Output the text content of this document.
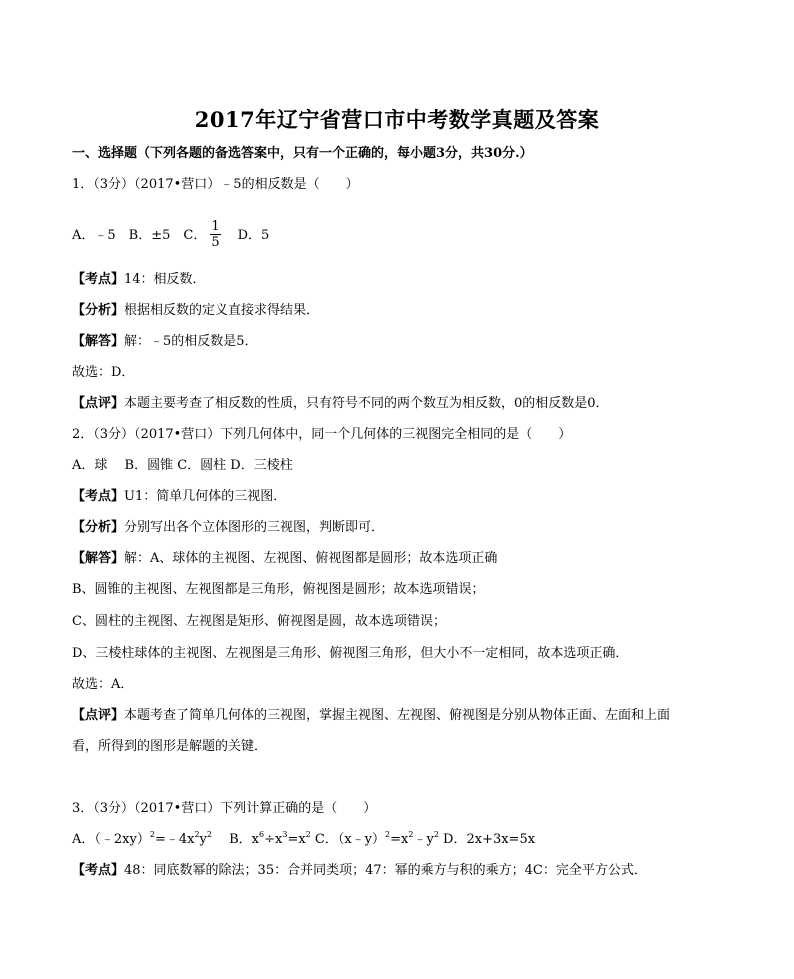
2017年辽宁省营口市中考数学真题及答案
一、选择题（下列各题的备选答案中，只有一个正确的，每小题3分，共30分.）
1．（3分）（2017•营口）﹣5的相反数是（　　）
A．﹣5　B．±5　C． $\frac{1}{5}$ 　D．5
【考点】14：相反数．
【分析】根据相反数的定义直接求得结果．
【解答】解：﹣5的相反数是5．
故选：D．
【点评】本题主要考查了相反数的性质，只有符号不同的两个数互为相反数，0的相反数是0．
2．（3分）（2017•营口）下列几何体中，同一个几何体的三视图完全相同的是（　　）
A．球　 B．圆锥 C．圆柱 D．三棱柱
【考点】U1：简单几何体的三视图．
【分析】分别写出各个立体图形的三视图，判断即可．
【解答】解：A、球体的主视图、左视图、俯视图都是圆形；故本选项正确
B、圆锥的主视图、左视图都是三角形，俯视图是圆形；故本选项错误；
C、圆柱的主视图、左视图是矩形、俯视图是圆，故本选项错误；
D、三棱柱球体的主视图、左视图是三角形、俯视图三角形，但大小不一定相同，故本选项正确．
故选：A．
【点评】本题考查了简单几何体的三视图，掌握主视图、左视图、俯视图是分别从物体正面、左面和上面
看，所得到的图形是解题的关键．
3．（3分）（2017•营口）下列计算正确的是（　　）
A．$(﹣2xy)^2=﹣4x^2y^2$　 B．$x^6\div x^3=x^2$ C．$(x﹣y)^2=x^2﹣y^2$ D．2x+3x=5x
【考点】48：同底数幂的除法；35：合并同类项；47：幂的乘方与积的乘方；4C：完全平方公式．
